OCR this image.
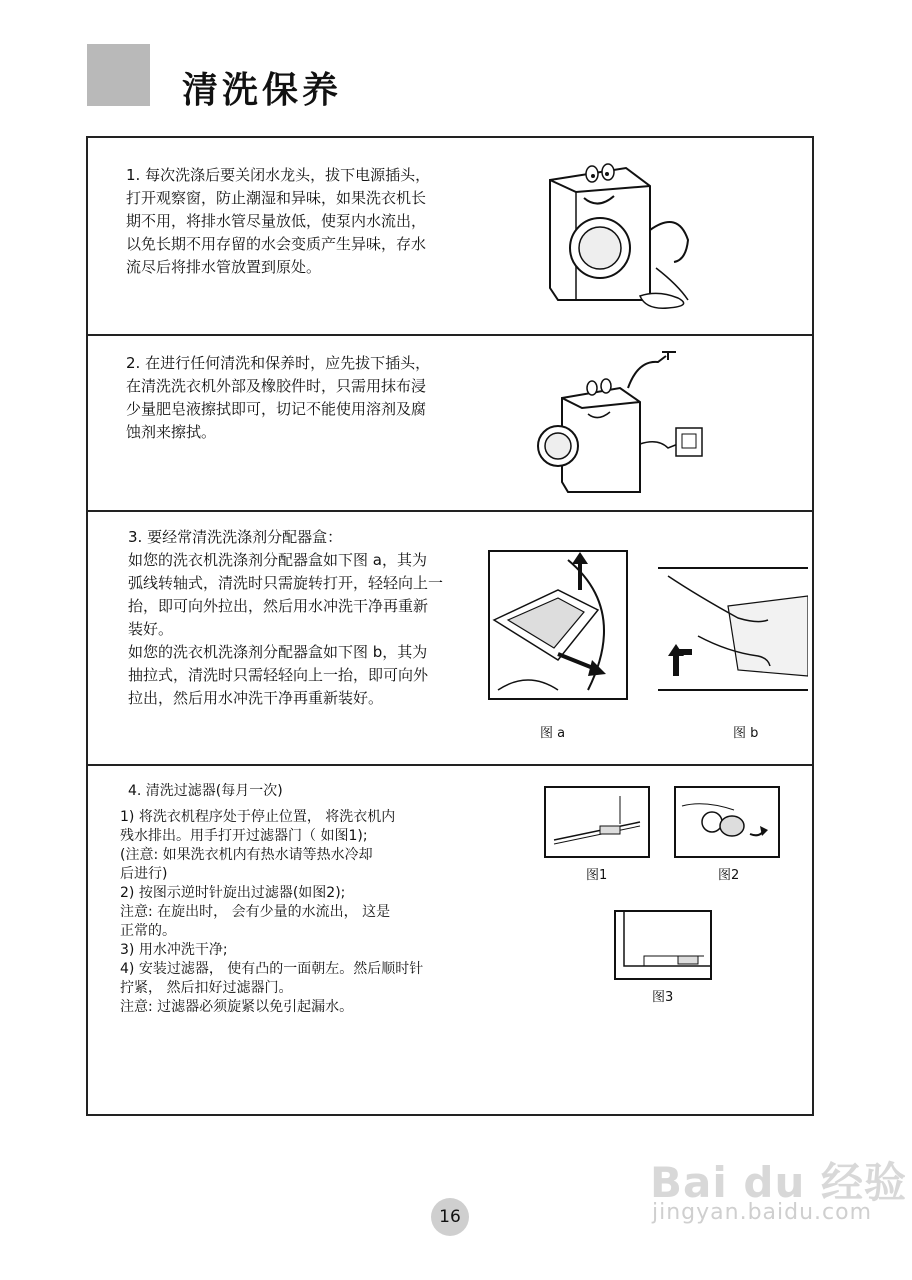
清洗保养
1. 每次洗涤后要关闭水龙头，拔下电源插头，
打开观察窗，防止潮湿和异味，如果洗衣机长
期不用，将排水管尽量放低，使泵内水流出，
以免长期不用存留的水会变质产生异味，存水
流尽后将排水管放置到原处。
2. 在进行任何清洗和保养时，应先拔下插头，
在清洗洗衣机外部及橡胶件时，只需用抹布浸
少量肥皂液擦拭即可，切记不能使用溶剂及腐
蚀剂来擦拭。
3. 要经常清洗洗涤剂分配器盒：
如您的洗衣机洗涤剂分配器盒如下图 a，其为
弧线转轴式，清洗时只需旋转打开，轻轻向上一
抬，即可向外拉出，然后用水冲洗干净再重新
装好。
如您的洗衣机洗涤剂分配器盒如下图 b，其为
抽拉式，清洗时只需轻轻向上一抬，即可向外
拉出，然后用水冲洗干净再重新装好。
图 a	图 b
4. 清洗过滤器(每月一次)
1) 将洗衣机程序处于停止位置， 将洗衣机内
残水排出。用手打开过滤器门（ 如图1);
(注意: 如果洗衣机内有热水请等热水冷却
后进行)
2) 按图示逆时针旋出过滤器(如图2);
注意: 在旋出时， 会有少量的水流出， 这是
正常的。
3) 用水冲洗干净;
4) 安装过滤器， 使有凸的一面朝左。然后顺时针
拧紧， 然后扣好过滤器门。
注意: 过滤器必须旋紧以免引起漏水。
图1	图2
图3
16
Bai du 经验
jingyan.baidu.com
